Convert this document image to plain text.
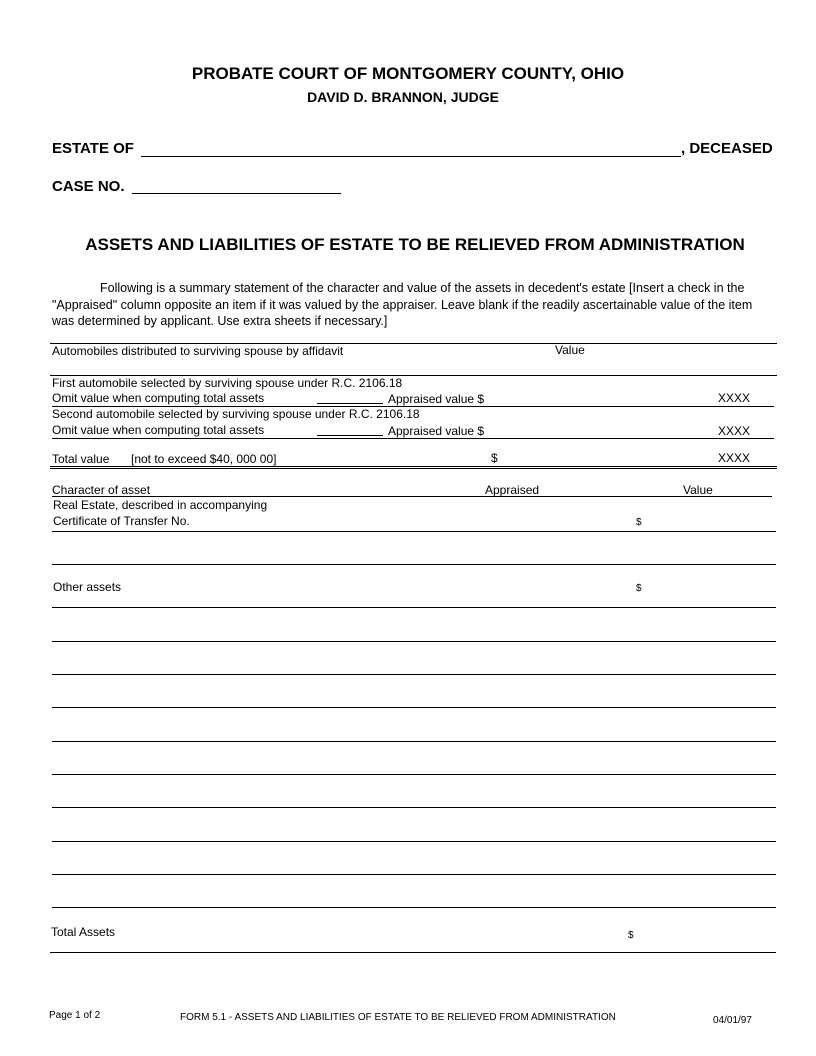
PROBATE COURT OF MONTGOMERY COUNTY, OHIO
DAVID D. BRANNON, JUDGE
ESTATE OF	, DECEASED
CASE NO.
ASSETS AND LIABILITIES OF ESTATE TO BE RELIEVED FROM ADMINISTRATION
Following is a summary statement of the character and value of the assets in decedent's estate [Insert a check in the "Appraised" column opposite an item if it was valued by the appraiser. Leave blank if the readily ascertainable value of the item was determined by applicant. Use extra sheets if necessary.]
Automobiles distributed to surviving spouse by affidavit	Value
First automobile selected by surviving spouse under R.C. 2106.18
Omit value when computing total assets	Appraised value $	XXXX
Second automobile selected by surviving spouse under R.C. 2106.18
Omit value when computing total assets	Appraised value $	XXXX
Total value [not to exceed $40, 000 00]	$	XXXX
Character of asset	Appraised	Value
Real Estate, described in accompanying
Certificate of Transfer No.	$
Other assets	$
Total Assets	$
Page 1 of 2	FORM 5.1 - ASSETS AND LIABILITIES OF ESTATE TO BE RELIEVED FROM ADMINISTRATION	04/01/97
